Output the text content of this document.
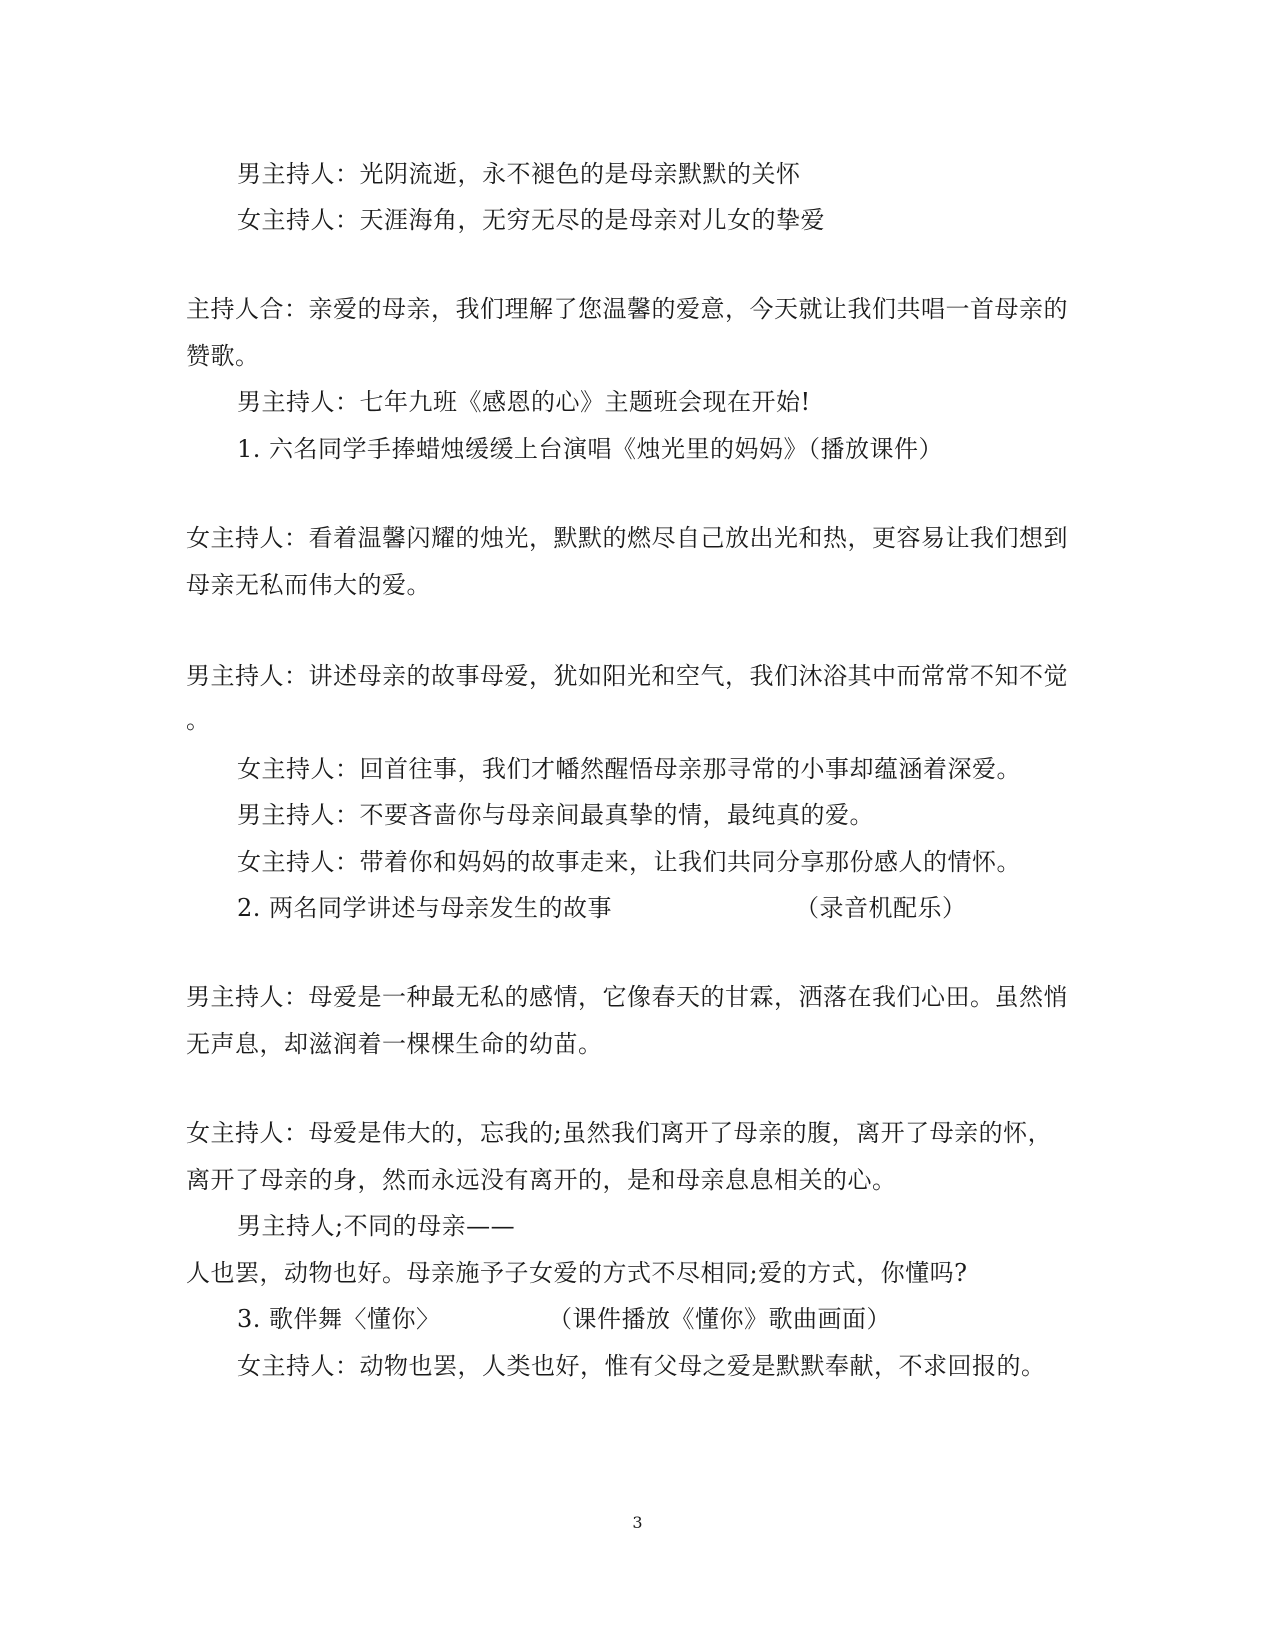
男主持人：光阴流逝，永不褪色的是母亲默默的关怀
女主持人：天涯海角，无穷无尽的是母亲对儿女的挚爱
主持人合：亲爱的母亲，我们理解了您温馨的爱意，今天就让我们共唱一首母亲的
赞歌。
男主持人：七年九班《感恩的心》主题班会现在开始!
1. 六名同学手捧蜡烛缓缓上台演唱《烛光里的妈妈》（播放课件）
女主持人：看着温馨闪耀的烛光，默默的燃尽自己放出光和热，更容易让我们想到
母亲无私而伟大的爱。
男主持人：讲述母亲的故事母爱，犹如阳光和空气，我们沐浴其中而常常不知不觉
。
女主持人：回首往事，我们才幡然醒悟母亲那寻常的小事却蕴涵着深爱。
男主持人：不要吝啬你与母亲间最真挚的情，最纯真的爱。
女主持人：带着你和妈妈的故事走来，让我们共同分享那份感人的情怀。
2. 两名同学讲述与母亲发生的故事	（录音机配乐）
男主持人：母爱是一种最无私的感情，它像春天的甘霖，洒落在我们心田。虽然悄
无声息，却滋润着一棵棵生命的幼苗。
女主持人：母爱是伟大的，忘我的;虽然我们离开了母亲的腹，离开了母亲的怀，
离开了母亲的身，然而永远没有离开的，是和母亲息息相关的心。
男主持人;不同的母亲——
人也罢，动物也好。母亲施予子女爱的方式不尽相同;爱的方式，你懂吗?
3. 歌伴舞〈懂你〉	（课件播放《懂你》歌曲画面）
女主持人：动物也罢，人类也好，惟有父母之爱是默默奉献，不求回报的。
3
